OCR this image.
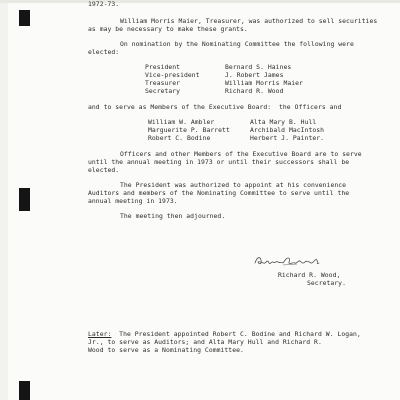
1972-73.
William Morris Maier, Treasurer, was authorized to sell securities
as may be necessary to make these grants.
On nomination by the Nominating Committee the following were
elected:
President	Bernard S. Haines
Vice-president	J. Robert James
Treasurer	William Morris Maier
Secretary	Richard R. Wood
and to serve as Members of the Executive Board:  the Officers and
William W. Ambler	Alta Mary B. Hull
Marguerite P. Barrett	Archibald MacIntosh
Robert C. Bodine	Herbert J. Painter.
Officers and other Members of the Executive Board are to serve
until the annual meeting in 1973 or until their successors shall be
elected.
The President was authorized to appoint at his convenience
Auditors and members of the Nominating Committee to serve until the
annual meeting in 1973.
The meeting then adjourned.
Richard R. Wood,
Secretary.
Later:  The President appointed Robert C. Bodine and Richard W. Logan,
Jr., to serve as Auditors; and Alta Mary Hull and Richard R.
Wood to serve as a Nominating Committee.
